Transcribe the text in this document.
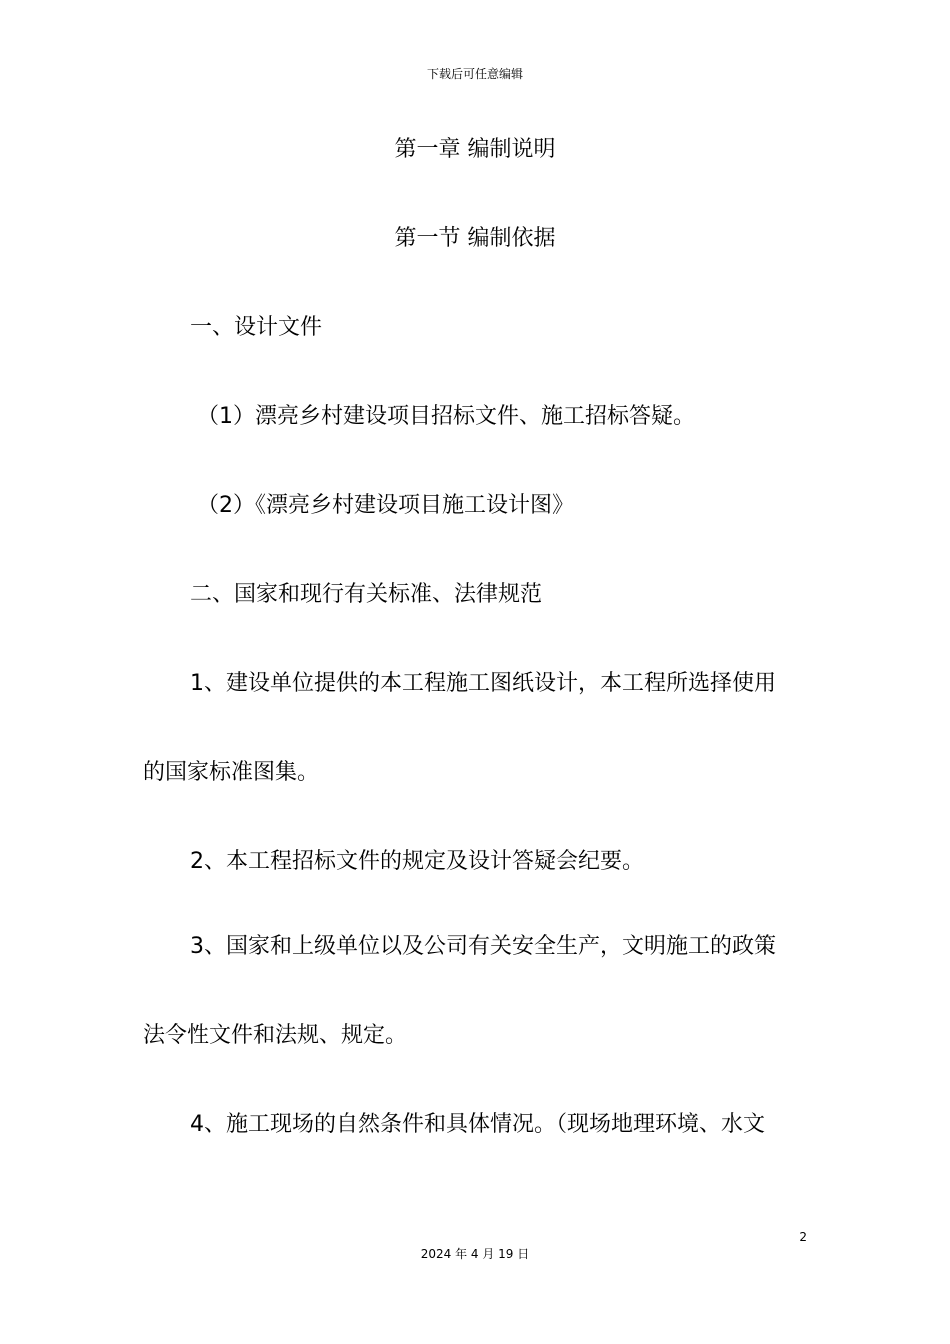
下载后可任意编辑
第一章 编制说明
第一节 编制依据
一、设计文件
（1）漂亮乡村建设项目招标文件、施工招标答疑。
（2）《漂亮乡村建设项目施工设计图》
二、国家和现行有关标准、法律规范
1、建设单位提供的本工程施工图纸设计，本工程所选择使用
的国家标准图集。
2、本工程招标文件的规定及设计答疑会纪要。
3、国家和上级单位以及公司有关安全生产，文明施工的政策
法令性文件和法规、规定。
4、施工现场的自然条件和具体情况。（现场地理环境、水文
2
2024 年 4 月 19 日
